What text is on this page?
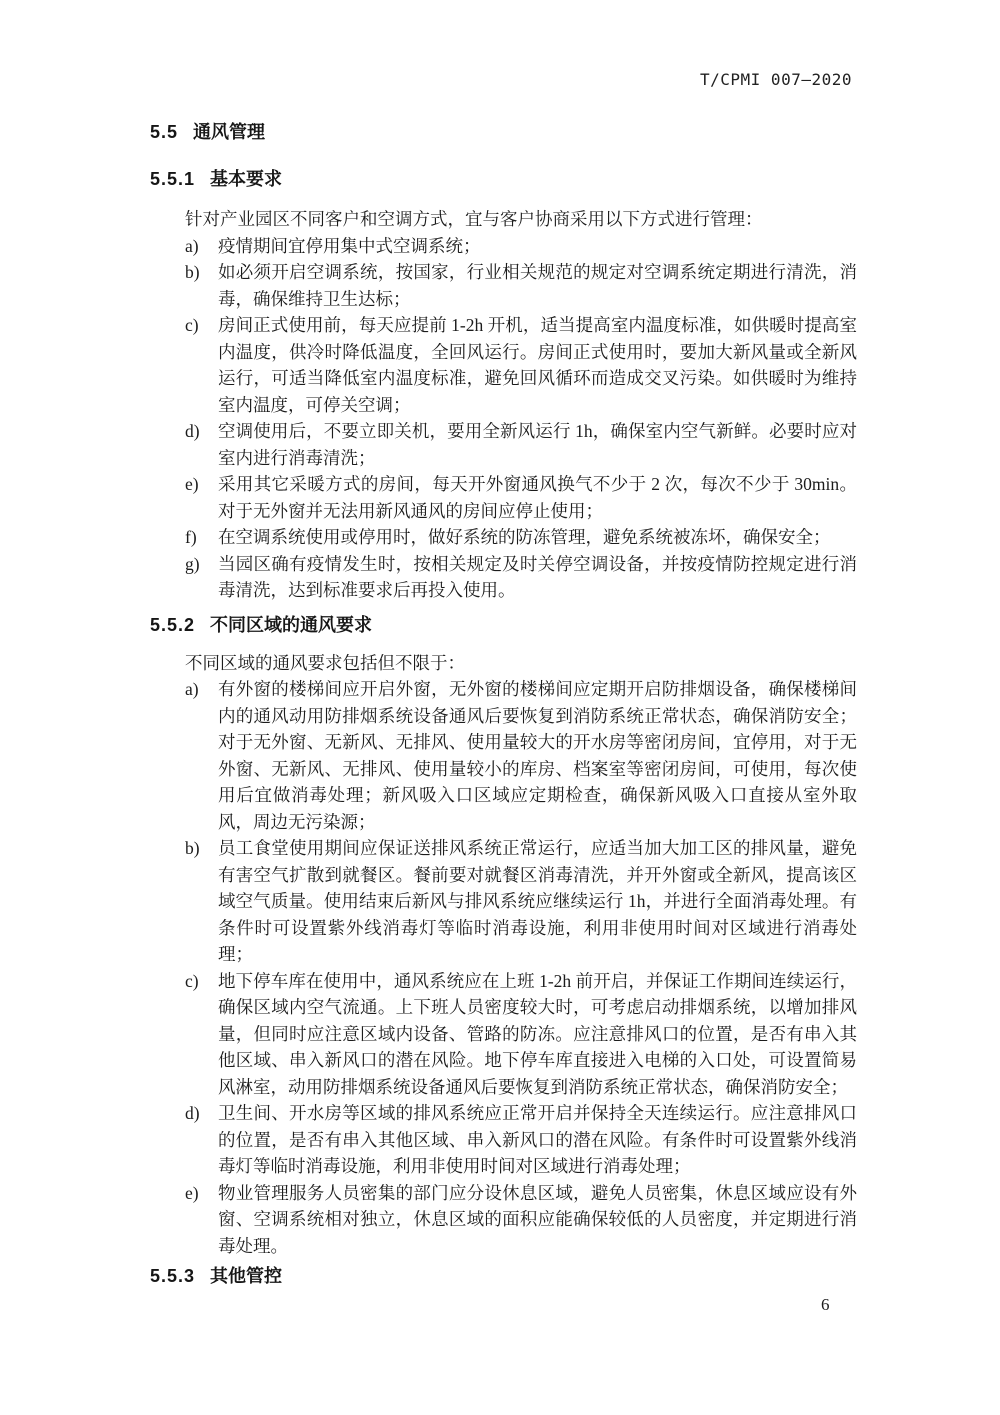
T/CPMI 007—2020
5.5 通风管理
5.5.1 基本要求

针对产业园区不同客户和空调方式，宜与客户协商采用以下方式进行管理：

a)	疫情期间宜停用集中式空调系统；
b)	如必须开启空调系统，按国家，行业相关规范的规定对空调系统定期进行清洗，消毒，确保维持卫生达标；
c)	房间正式使用前，每天应提前 1-2h 开机，适当提高室内温度标准，如供暖时提高室内温度，供冷时降低温度，全回风运行。房间正式使用时，要加大新风量或全新风运行，可适当降低室内温度标准，避免回风循环而造成交叉污染。如供暖时为维持室内温度，可停关空调；
d)	空调使用后，不要立即关机，要用全新风运行 1h，确保室内空气新鲜。必要时应对室内进行消毒清洗；
e)	采用其它采暖方式的房间，每天开外窗通风换气不少于 2 次，每次不少于 30min。对于无外窗并无法用新风通风的房间应停止使用；
f)	在空调系统使用或停用时，做好系统的防冻管理，避免系统被冻坏，确保安全；
g)	当园区确有疫情发生时，按相关规定及时关停空调设备，并按疫情防控规定进行消毒清洗，达到标准要求后再投入使用。
5.5.2 不同区域的通风要求

不同区域的通风要求包括但不限于：

a)	有外窗的楼梯间应开启外窗，无外窗的楼梯间应定期开启防排烟设备，确保楼梯间内的通风动用防排烟系统设备通风后要恢复到消防系统正常状态，确保消防安全；对于无外窗、无新风、无排风、使用量较大的开水房等密闭房间，宜停用，对于无外窗、无新风、无排风、使用量较小的库房、档案室等密闭房间，可使用，每次使用后宜做消毒处理；新风吸入口区域应定期检查，确保新风吸入口直接从室外取风，周边无污染源；
b)	员工食堂使用期间应保证送排风系统正常运行，应适当加大加工区的排风量，避免有害空气扩散到就餐区。餐前要对就餐区消毒清洗，并开外窗或全新风，提高该区域空气质量。使用结束后新风与排风系统应继续运行 1h，并进行全面消毒处理。有条件时可设置紫外线消毒灯等临时消毒设施，利用非使用时间对区域进行消毒处理；
c)	地下停车库在使用中，通风系统应在上班 1-2h 前开启，并保证工作期间连续运行，确保区域内空气流通。上下班人员密度较大时，可考虑启动排烟系统，以增加排风量，但同时应注意区域内设备、管路的防冻。应注意排风口的位置，是否有串入其他区域、串入新风口的潜在风险。地下停车库直接进入电梯的入口处，可设置简易风淋室，动用防排烟系统设备通风后要恢复到消防系统正常状态，确保消防安全；
d)	卫生间、开水房等区域的排风系统应正常开启并保持全天连续运行。应注意排风口的位置，是否有串入其他区域、串入新风口的潜在风险。有条件时可设置紫外线消毒灯等临时消毒设施，利用非使用时间对区域进行消毒处理；
e)	物业管理服务人员密集的部门应分设休息区域，避免人员密集，休息区域应设有外窗、空调系统相对独立，休息区域的面积应能确保较低的人员密度，并定期进行消毒处理。
5.5.3 其他管控
6
